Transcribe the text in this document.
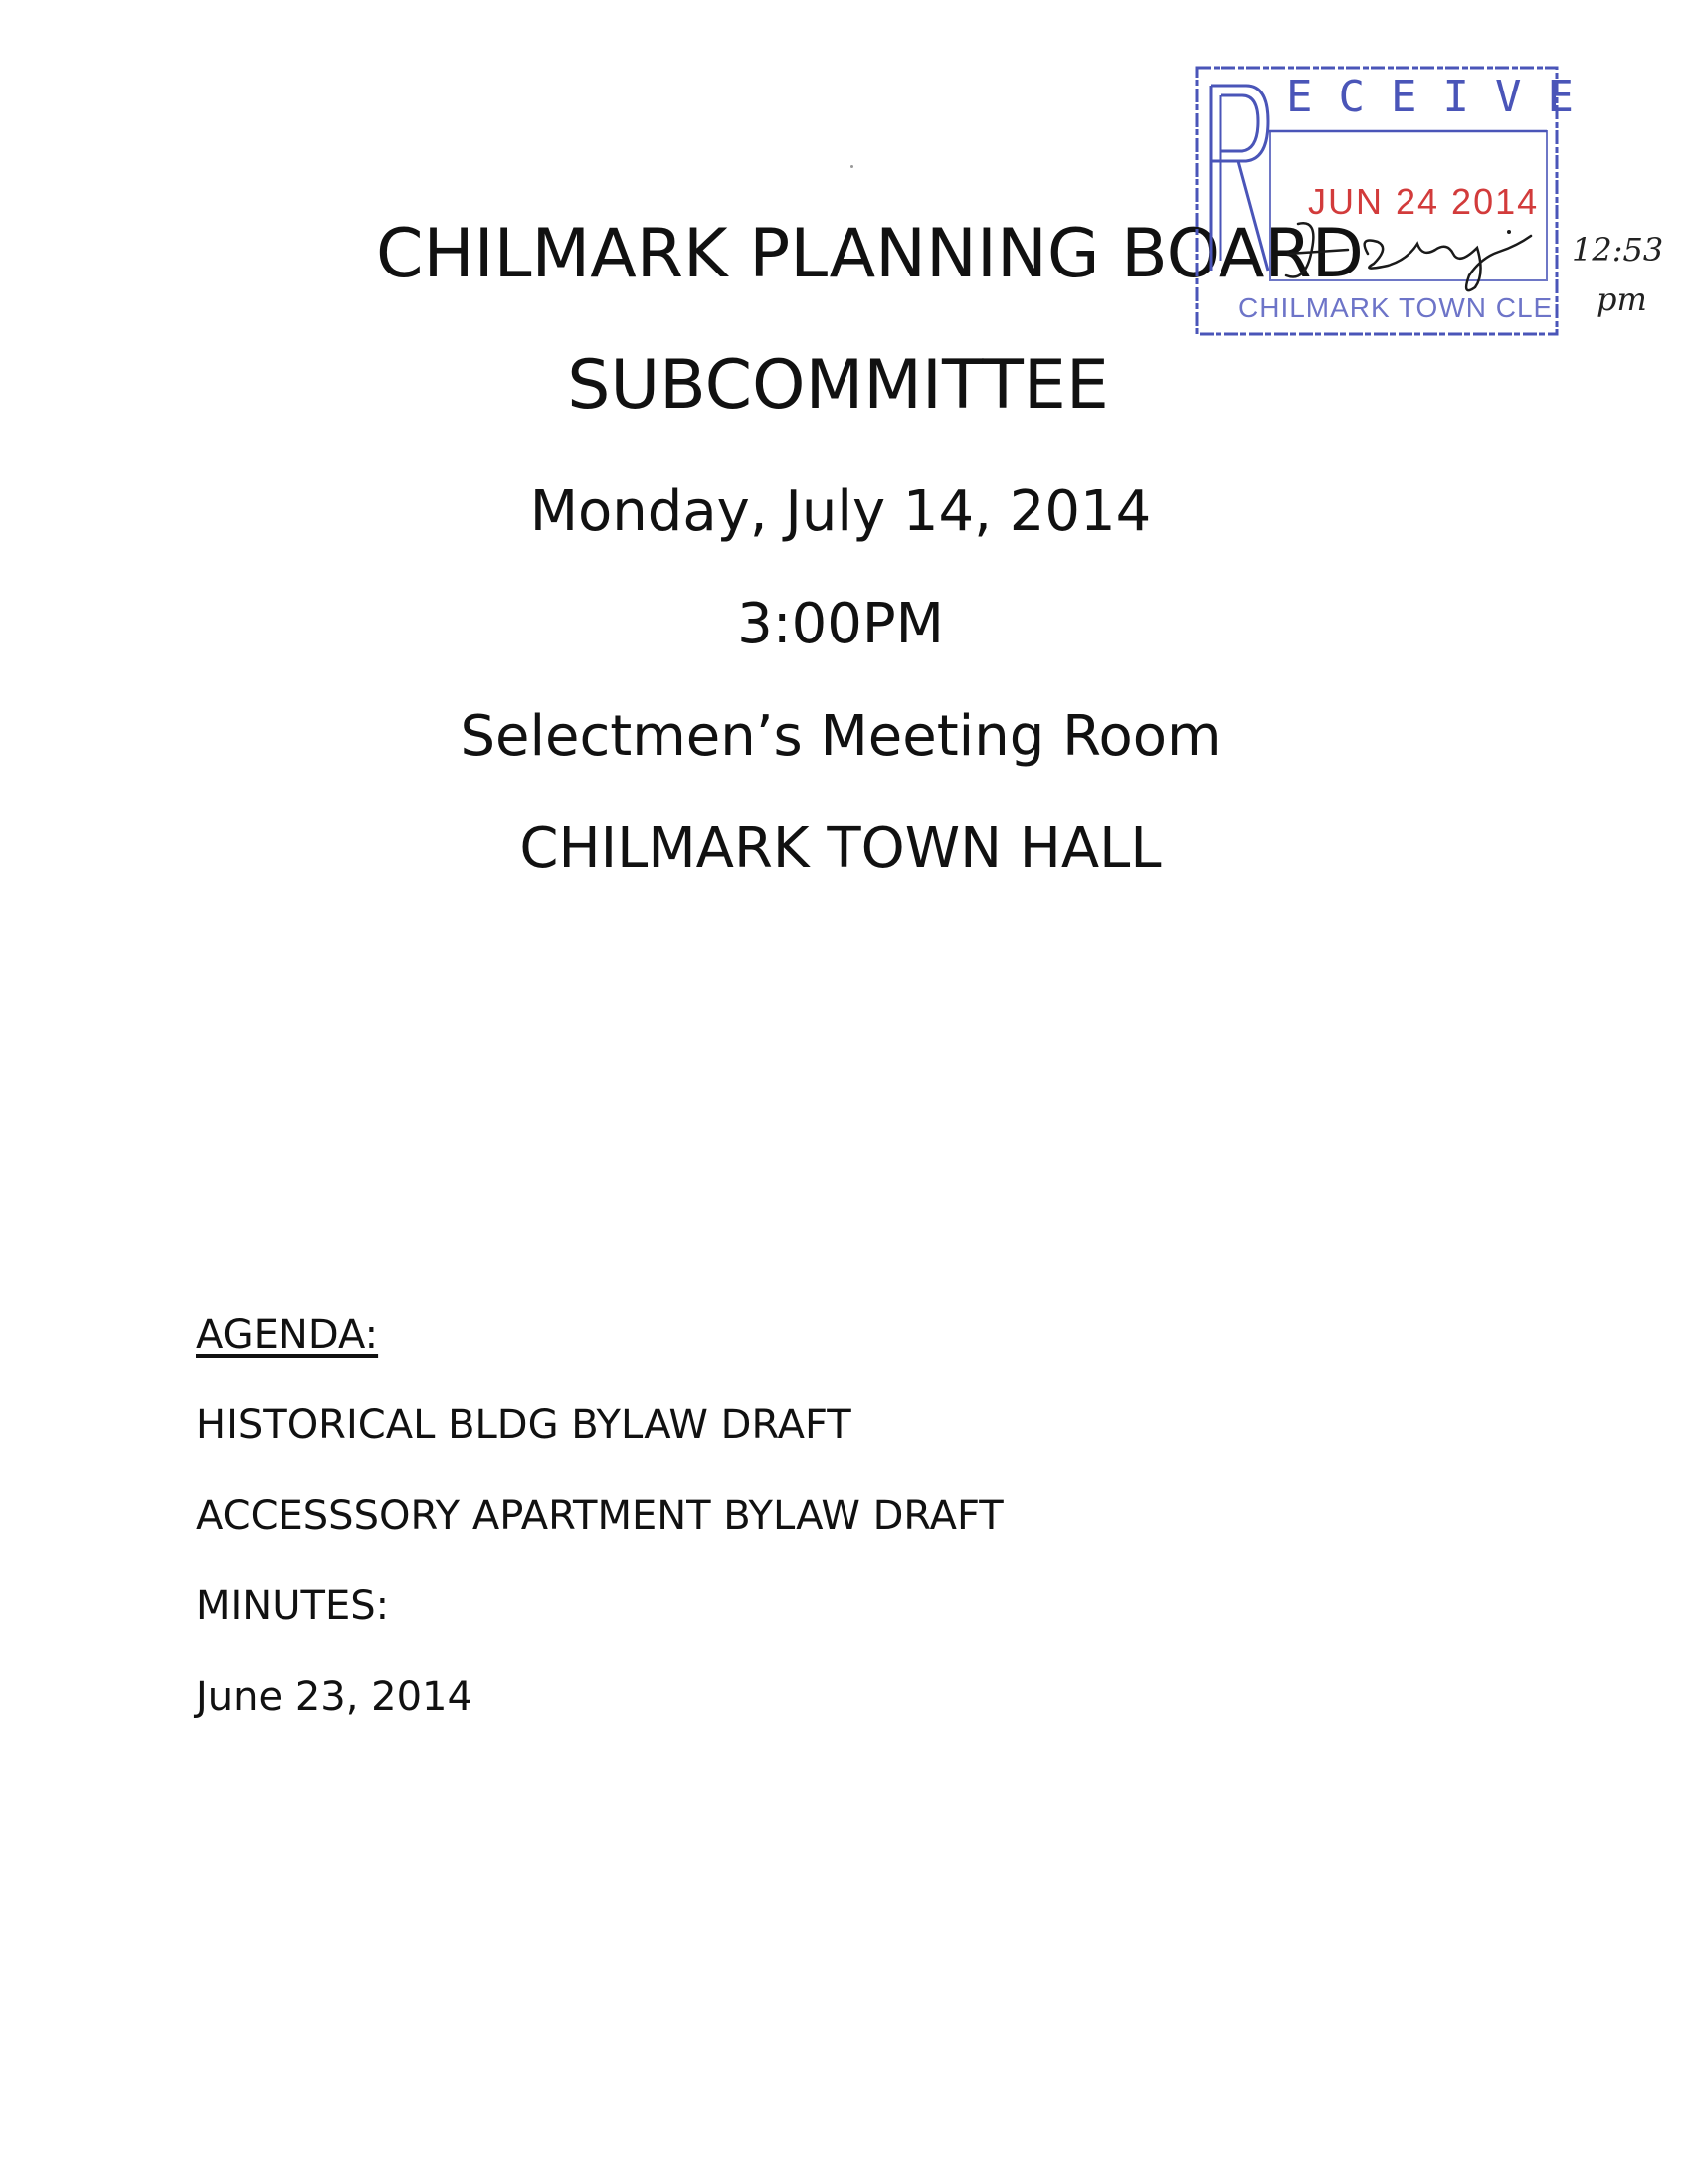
CHILMARK PLANNING BOARD
SUBCOMMITTEE
Monday, July 14, 2014
3:00PM
Selectmen’s Meeting Room
CHILMARK TOWN HALL
AGENDA:
HISTORICAL BLDG BYLAW DRAFT
ACCESSSORY APARTMENT BYLAW DRAFT
MINUTES:
June 23, 2014
ECEIVE
JUN 24 2014
CHILMARK TOWN CLE
12:53
pm
